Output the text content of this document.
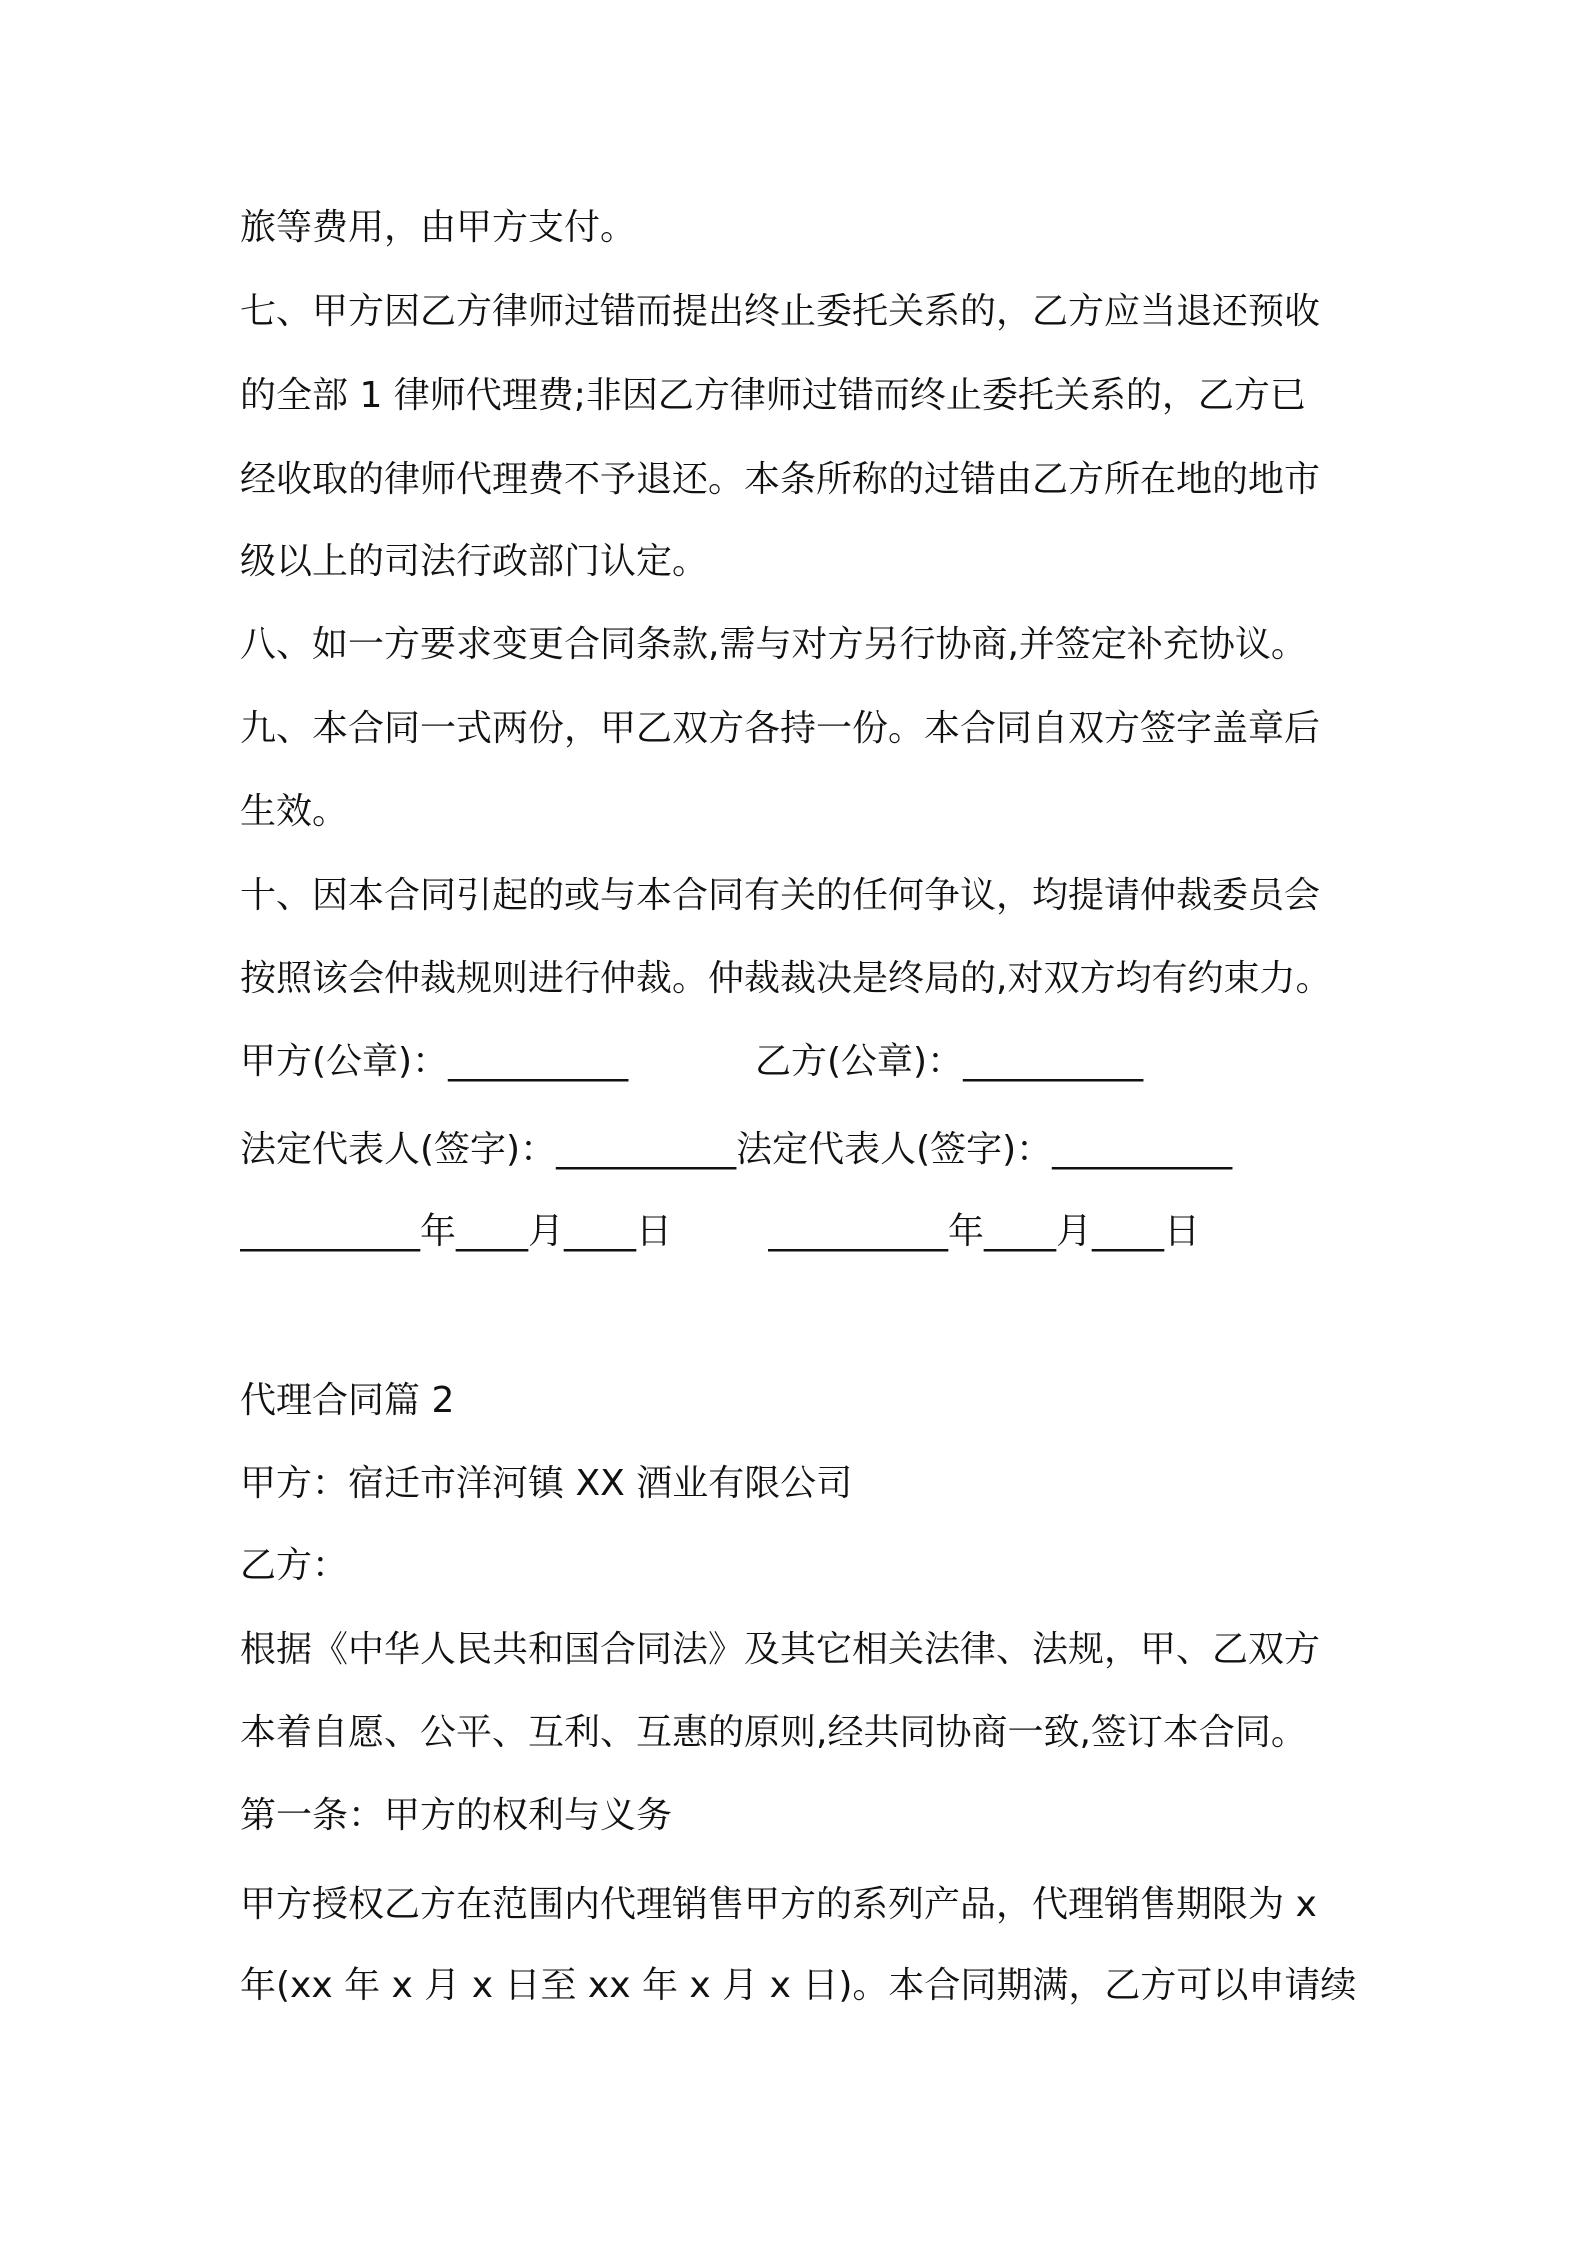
旅等费用，由甲方支付。
七、甲方因乙方律师过错而提出终止委托关系的，乙方应当退还预收
的全部 1 律师代理费;非因乙方律师过错而终止委托关系的，乙方已
经收取的律师代理费不予退还。本条所称的过错由乙方所在地的地市
级以上的司法行政部门认定。
八、如一方要求变更合同条款,需与对方另行协商,并签定补充协议。
九、本合同一式两份，甲乙双方各持一份。本合同自双方签字盖章后
生效。
十、因本合同引起的或与本合同有关的任何争议，均提请仲裁委员会
按照该会仲裁规则进行仲裁。仲裁裁决是终局的,对双方均有约束力。
甲方(公章)：__________	乙方(公章)：__________
法定代表人(签字)：__________法定代表人(签字)：__________
__________年____月____日	__________年____月____日
代理合同篇 2
甲方：宿迁市洋河镇 XX 酒业有限公司
乙方：
根据《中华人民共和国合同法》及其它相关法律、法规，甲、乙双方
本着自愿、公平、互利、互惠的原则,经共同协商一致,签订本合同。
第一条：甲方的权利与义务
甲方授权乙方在范围内代理销售甲方的系列产品，代理销售期限为 x
年(xx 年 x 月 x 日至 xx 年 x 月 x 日)。本合同期满，乙方可以申请续
